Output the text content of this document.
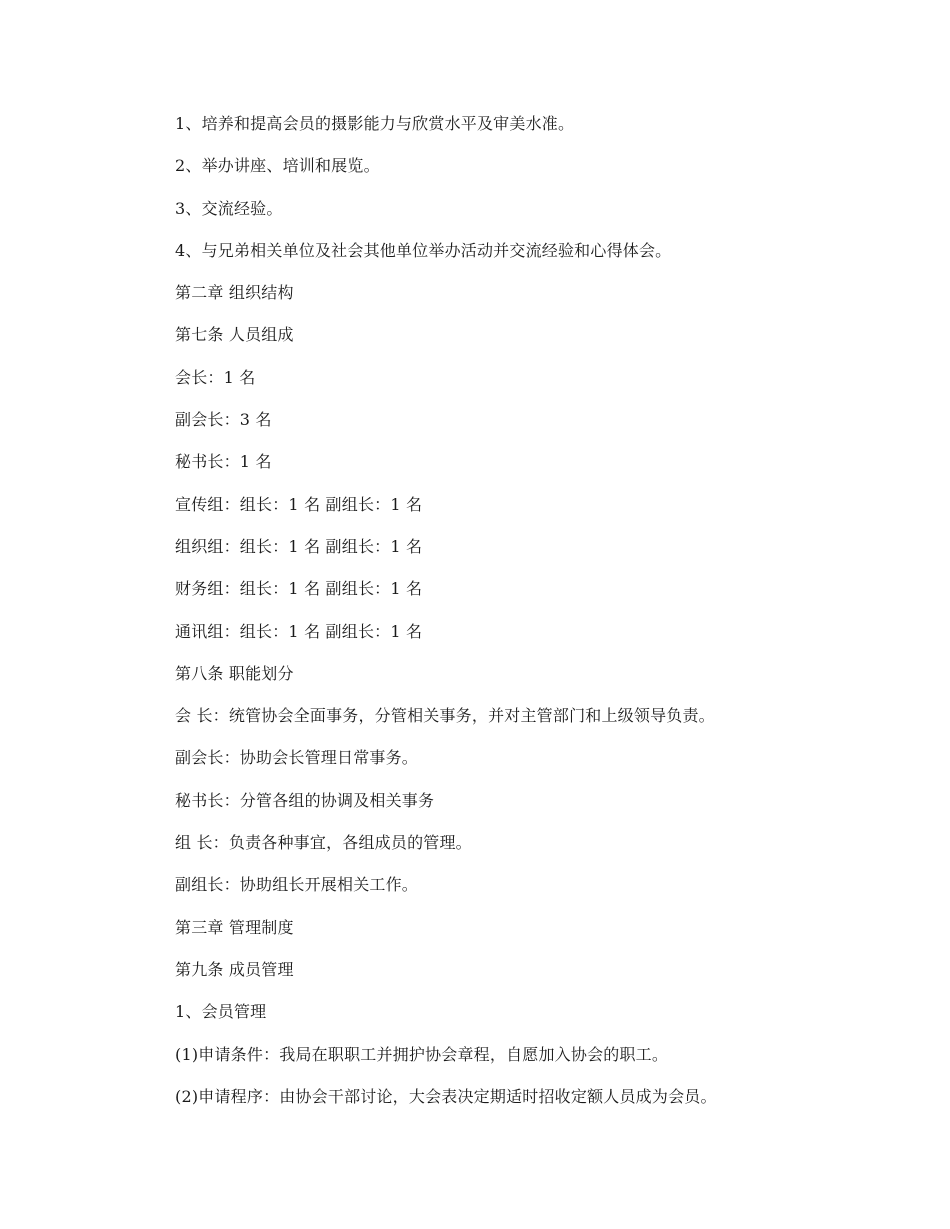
1、培养和提高会员的摄影能力与欣赏水平及审美水准。
2、举办讲座、培训和展览。
3、交流经验。
4、与兄弟相关单位及社会其他单位举办活动并交流经验和心得体会。
第二章 组织结构
第七条 人员组成
会长：1 名
副会长：3 名
秘书长：1 名
宣传组：组长：1 名 副组长：1 名
组织组：组长：1 名 副组长：1 名
财务组：组长：1 名 副组长：1 名
通讯组：组长：1 名 副组长：1 名
第八条 职能划分
会 长：统管协会全面事务，分管相关事务，并对主管部门和上级领导负责。
副会长：协助会长管理日常事务。
秘书长：分管各组的协调及相关事务
组 长：负责各种事宜，各组成员的管理。
副组长：协助组长开展相关工作。
第三章 管理制度
第九条 成员管理
1、会员管理
(1)申请条件：我局在职职工并拥护协会章程，自愿加入协会的职工。
(2)申请程序：由协会干部讨论，大会表决定期适时招收定额人员成为会员。
